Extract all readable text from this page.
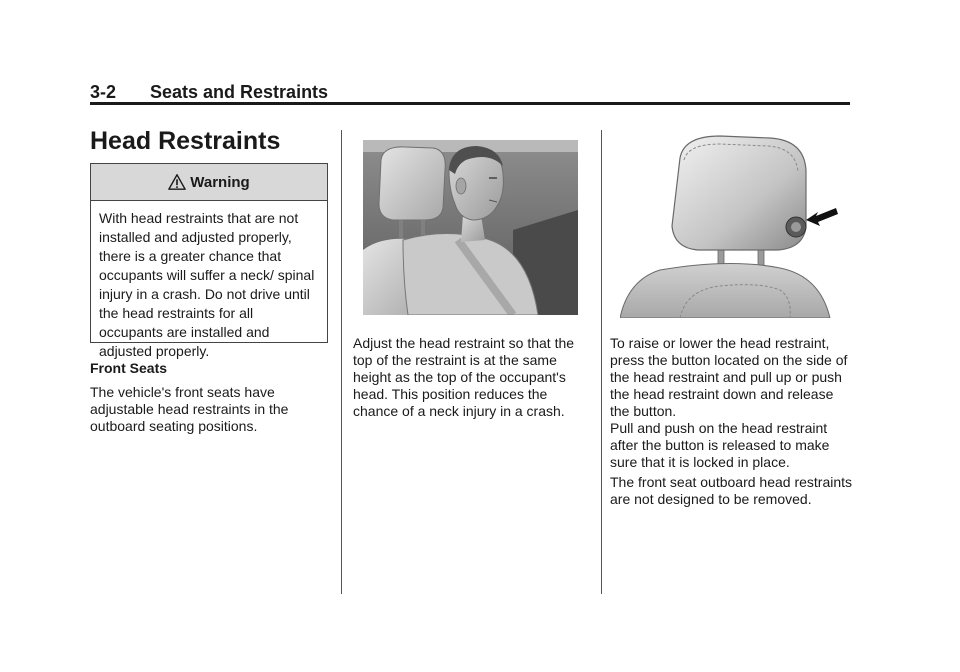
3-2 Seats and Restraints
Head Restraints
Warning
With head restraints that are not installed and adjusted properly, there is a greater chance that occupants will suffer a neck/ spinal injury in a crash. Do not drive until the head restraints for all occupants are installed and adjusted properly.

Front Seats

The vehicle's front seats have adjustable head restraints in the outboard seating positions.

Adjust the head restraint so that the top of the restraint is at the same height as the top of the occupant's head. This position reduces the chance of a neck injury in a crash.

To raise or lower the head restraint, press the button located on the side of the head restraint and pull up or push the head restraint down and release the button.

Pull and push on the head restraint after the button is released to make sure that it is locked in place.

The front seat outboard head restraints are not designed to be removed.
